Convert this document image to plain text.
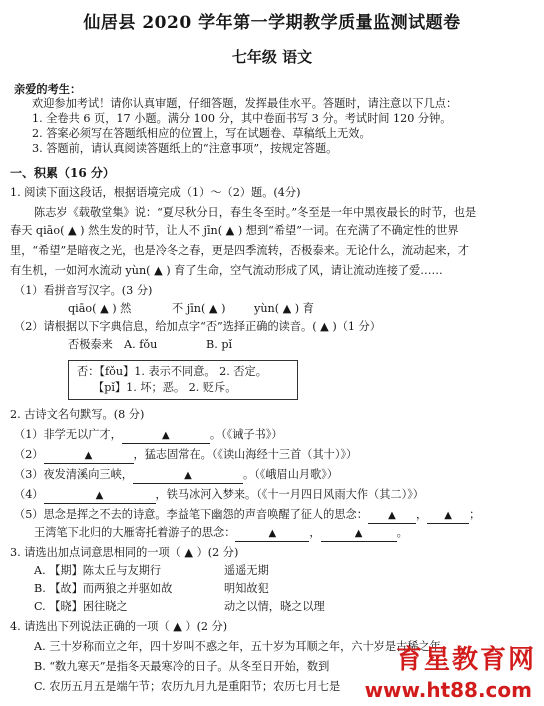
仙居县 2020 学年第一学期教学质量监测试题卷
七年级 语文
亲爱的考生：
欢迎参加考试！请你认真审题，仔细答题，发挥最佳水平。答题时，请注意以下几点：
1. 全卷共 6 页，17 小题。满分 100 分，其中卷面书写 3 分。考试时间 120 分钟。
2. 答案必须写在答题纸相应的位置上，写在试题卷、草稿纸上无效。
3. 答题前，请认真阅读答题纸上的“注意事项”，按规定答题。
一、积累（16 分）
1. 阅读下面这段话，根据语境完成（1）～（2）题。(4分)
陈志岁《载敬堂集》说：“夏尽秋分日，春生冬至时。”冬至是一年中黑夜最长的时节，也是
春天 qiāo( ▲ ) 然生发的时节，让人不 jīn( ▲ ) 想到“希望”一词。在充满了不确定性的世界
里，“希望”是暗夜之光，也是冷冬之春，更是四季流转，否极泰来。无论什么，流动起来，才
有生机，一如河水流动 yùn( ▲ ) 育了生命，空气流动形成了风，请让流动连接了爱……
（1）看拼音写汉字。(3 分)
qiāo( ▲ ) 然	不 jīn( ▲ )	yùn( ▲ ) 育
（2）请根据以下字典信息，给加点字“否”选择正确的读音。( ▲ )（1 分）
否极泰来 A. fǒu	B. pǐ
否：【fǒu】1. 表示不同意。 2. 否定。
【pǐ】1. 坏；恶。 2. 贬斥。
2. 古诗文名句默写。(8 分)
（1）非学无以广才，	▲	。（《诫子书》）
（2）	▲	，猛志固常在。（《读山海经十三首（其十）》）
（3）夜发清溪向三峡，	▲	。（《峨眉山月歌》）
（4）	▲	，铁马冰河入梦来。（《十一月四日风雨大作（其二）》）
（5）思念是挥之不去的诗意。李益笔下幽怨的声音唤醒了征人的思念： ▲ ， ▲ ；
王湾笔下北归的大雁寄托着游子的思念：	▲	，	▲	。
3. 请选出加点词意思相同的一项（ ▲ ）(2 分)
A. 【期】陈太丘与友期行	遥遥无期
B. 【故】而两狼之并驱如故	明知故犯
C. 【晓】困往晓之	动之以情，晓之以理
4. 请选出下列说法正确的一项（ ▲ ）(2 分)
A. 三十岁称而立之年，四十岁叫不惑之年，五十岁为耳顺之年，六十岁是古稀之年。
B. “数九寒天”是指冬天最寒冷的日子。从冬至日开始，数到
C. 农历五月五是端午节；农历九月九是重阳节；农历七月七是
育星教育网
www.ht88.com
